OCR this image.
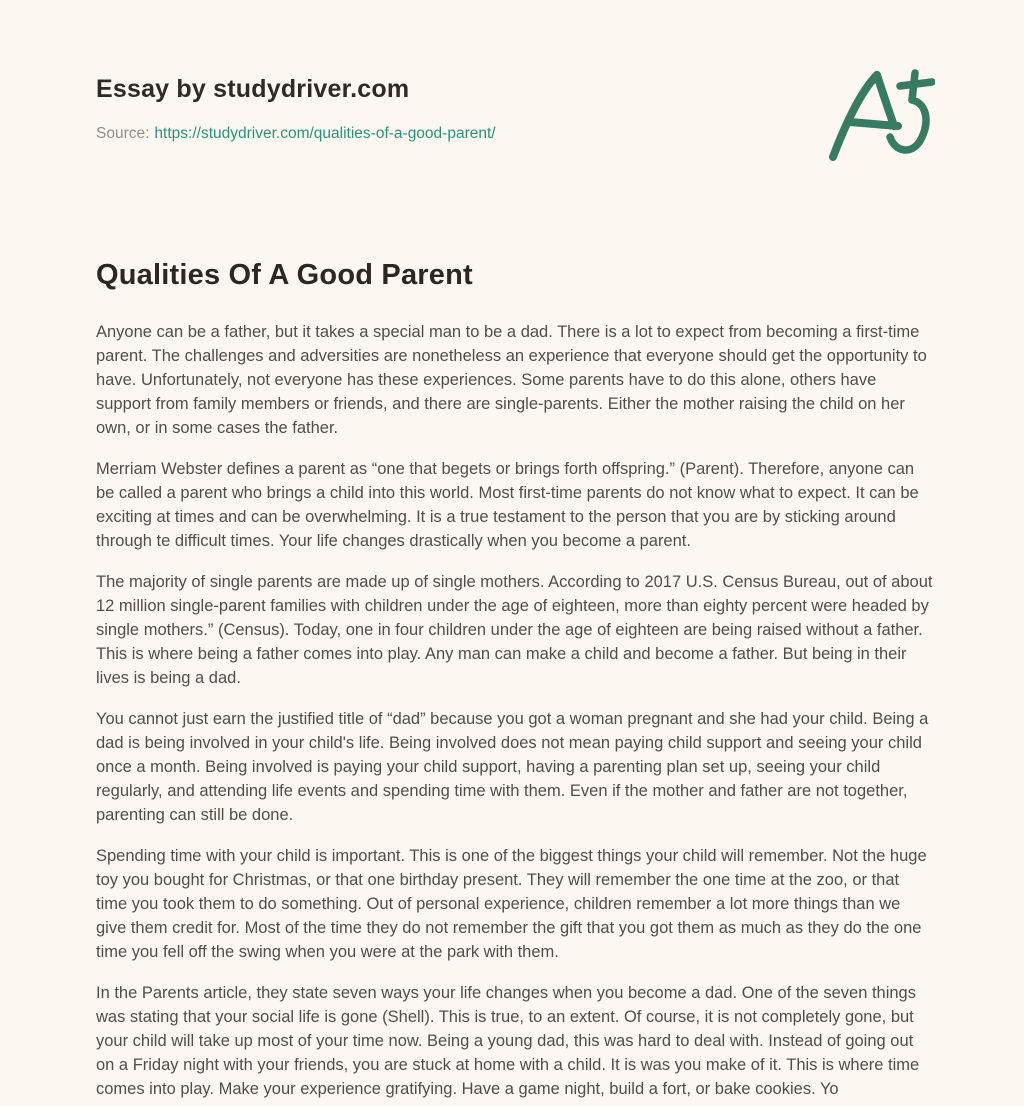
Essay by studydriver.com
Source: https://studydriver.com/qualities-of-a-good-parent/
Qualities Of A Good Parent

Anyone can be a father, but it takes a special man to be a dad. There is a lot to expect from becoming a first-time parent. The challenges and adversities are nonetheless an experience that everyone should get the opportunity to have. Unfortunately, not everyone has these experiences. Some parents have to do this alone, others have support from family members or friends, and there are single-parents. Either the mother raising the child on her own, or in some cases the father.

Merriam Webster defines a parent as “one that begets or brings forth offspring.” (Parent). Therefore, anyone can be called a parent who brings a child into this world. Most first-time parents do not know what to expect. It can be exciting at times and can be overwhelming. It is a true testament to the person that you are by sticking around through te difficult times. Your life changes drastically when you become a parent.

The majority of single parents are made up of single mothers. According to 2017 U.S. Census Bureau, out of about 12 million single-parent families with children under the age of eighteen, more than eighty percent were headed by single mothers.” (Census). Today, one in four children under the age of eighteen are being raised without a father. This is where being a father comes into play. Any man can make a child and become a father. But being in their lives is being a dad.

You cannot just earn the justified title of “dad” because you got a woman pregnant and she had your child. Being a dad is being involved in your child's life. Being involved does not mean paying child support and seeing your child once a month. Being involved is paying your child support, having a parenting plan set up, seeing your child regularly, and attending life events and spending time with them. Even if the mother and father are not together, parenting can still be done.

Spending time with your child is important. This is one of the biggest things your child will remember. Not the huge toy you bought for Christmas, or that one birthday present. They will remember the one time at the zoo, or that time you took them to do something. Out of personal experience, children remember a lot more things than we give them credit for. Most of the time they do not remember the gift that you got them as much as they do the one time you fell off the swing when you were at the park with them.

In the Parents article, they state seven ways your life changes when you become a dad. One of the seven things was stating that your social life is gone (Shell). This is true, to an extent. Of course, it is not completely gone, but your child will take up most of your time now. Being a young dad, this was hard to deal with. Instead of going out on a Friday night with your friends, you are stuck at home with a child. It is was you make of it. This is where time comes into play. Make your experience gratifying. Have a game night, build a fort, or bake cookies. Yo
